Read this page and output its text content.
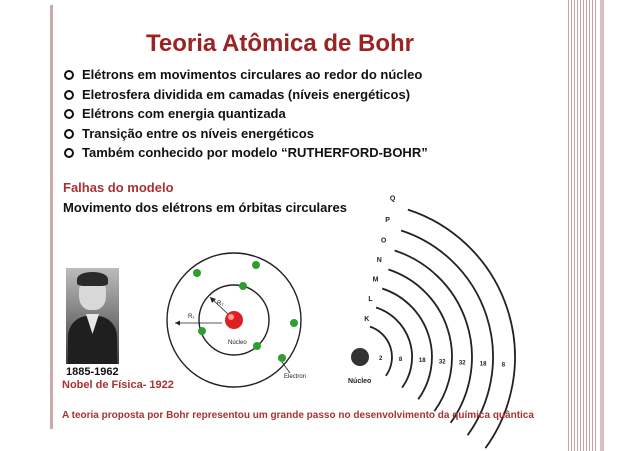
Teoria Atômica de Bohr
Elétrons em movimentos circulares ao redor do núcleo
Eletrosfera dividida em camadas (níveis energéticos)
Elétrons com energia quantizada
Transição entre os níveis energéticos
Também conhecido por modelo “RUTHERFORD-BOHR”
Falhas do modelo
Movimento dos elétrons em órbitas circulares
1885-1962
Nobel de Física- 1922
R₁
R₂
Núcleo
Electron
Núcleo
K
2
L
8
M
18
N
32
O
32
P
18
Q
8
A teoria proposta por Bohr representou um grande passo no desenvolvimento da química quântica
